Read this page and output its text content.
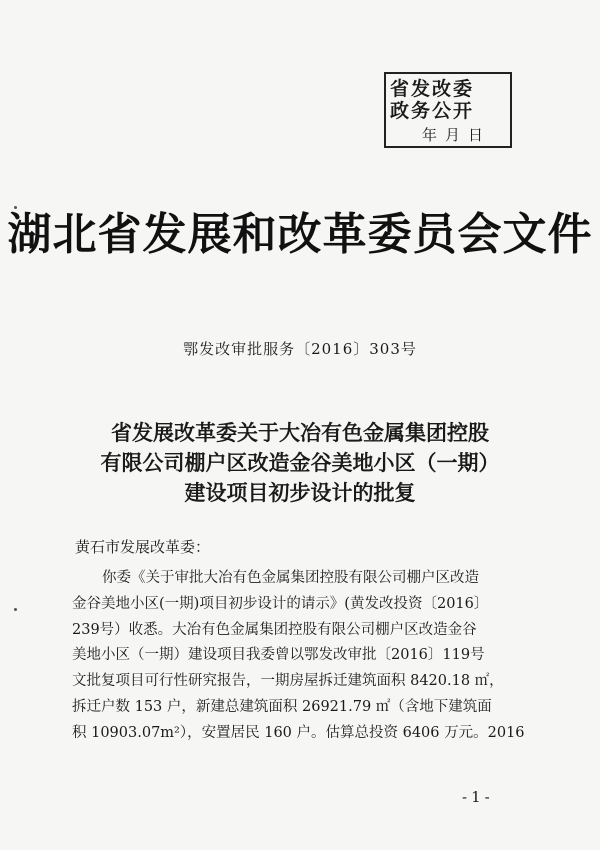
省发改委
政务公开
年月日
湖北省发展和改革委员会文件
鄂发改审批服务〔2016〕303号
省发展改革委关于大冶有色金属集团控股
有限公司棚户区改造金谷美地小区（一期）
建设项目初步设计的批复
黄石市发展改革委：
你委《关于审批大冶有色金属集团控股有限公司棚户区改造
金谷美地小区(一期)项目初步设计的请示》(黄发改投资〔2016〕
239号）收悉。大冶有色金属集团控股有限公司棚户区改造金谷
美地小区（一期）建设项目我委曾以鄂发改审批〔2016〕119号
文批复项目可行性研究报告，一期房屋拆迁建筑面积 8420.18 ㎡，
拆迁户数 153 户，新建总建筑面积 26921.79 ㎡（含地下建筑面
积 10903.07m²），安置居民 160 户。估算总投资 6406 万元。2016
-1-
